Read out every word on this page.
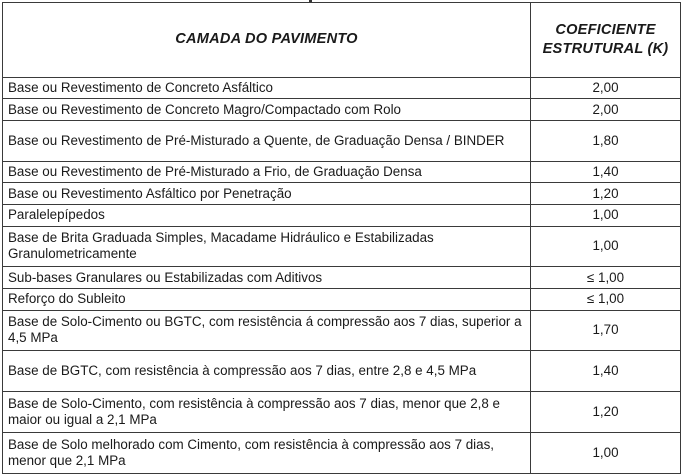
CAMADA DO PAVIMENTO	COEFICIENTE
ESTRUTURAL (K)
Base ou Revestimento de Concreto Asfáltico	2,00
Base ou Revestimento de Concreto Magro/Compactado com Rolo	2,00
Base ou Revestimento de Pré-Misturado a Quente, de Graduação Densa / BINDER	1,80
Base ou Revestimento de Pré-Misturado a Frio, de Graduação Densa	1,40
Base ou Revestimento Asfáltico por Penetração	1,20
Paralelepípedos	1,00
Base de Brita Graduada Simples, Macadame Hidráulico e Estabilizadas Granulometricamente	1,00
Sub-bases Granulares ou Estabilizadas com Aditivos	≤ 1,00
Reforço do Subleito	≤ 1,00
Base de Solo-Cimento ou BGTC, com resistência á compressão aos 7 dias, superior a 4,5 MPa	1,70
Base de BGTC, com resistência à compressão aos 7 dias, entre 2,8 e 4,5 MPa	1,40
Base de Solo-Cimento, com resistência à compressão aos 7 dias, menor que 2,8 e maior ou igual a 2,1 MPa	1,20
Base de Solo melhorado com Cimento, com resistência à compressão aos 7 dias, menor que 2,1 MPa	1,00
